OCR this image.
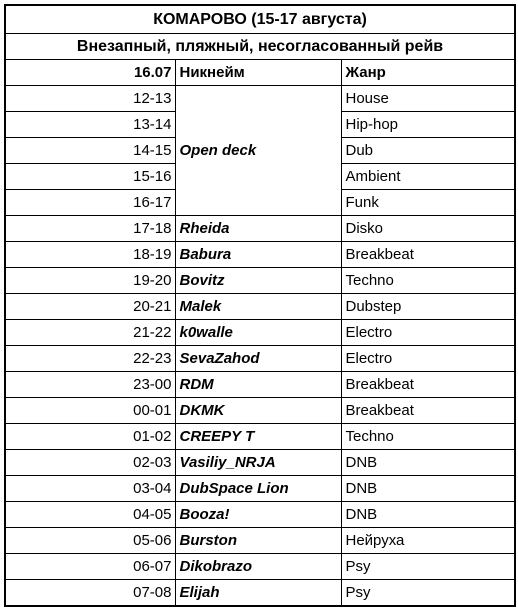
КОМАРОВО (15-17 августа)		
Внезапный, пляжный, несогласованный рейв		
16.07	Никнейм	Жанр
12-13	Open deck	House
13-14		Hip-hop
14-15		Dub
15-16		Ambient
16-17		Funk
17-18	Rheida	Disko
18-19	Babura	Breakbeat
19-20	Bovitz	Techno
20-21	Malek	Dubstep
21-22	k0walle	Electro
22-23	SevaZahod	Electro
23-00	RDM	Breakbeat
00-01	DKMK	Breakbeat
01-02	CREEPY T	Techno
02-03	Vasiliy_NRJA	DNB
03-04	DubSpace Lion	DNB
04-05	Booza!	DNB
05-06	Burston	Нейруха
06-07	Dikobrazo	Psy
07-08	Elijah	Psy
